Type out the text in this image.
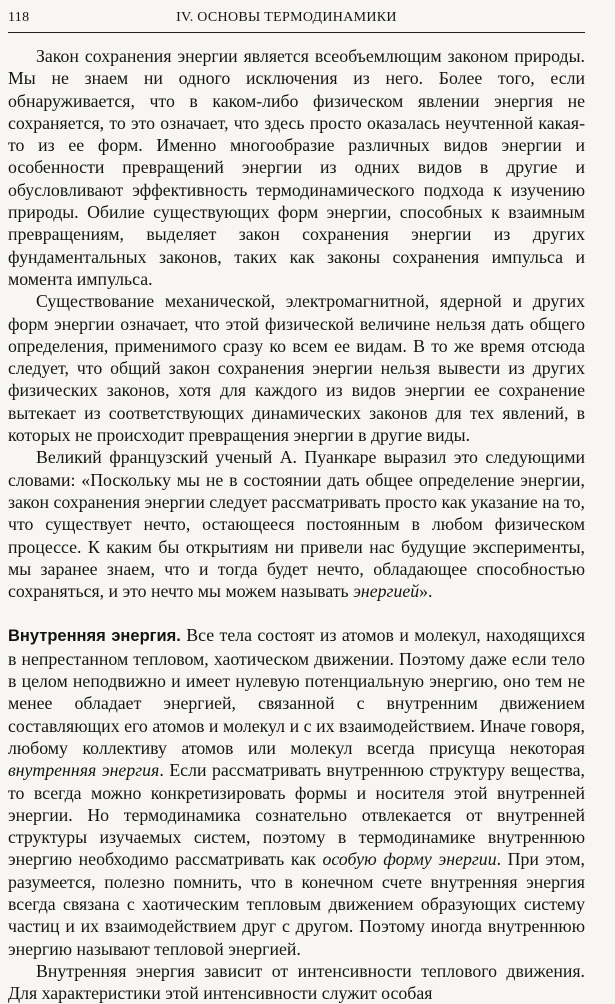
118	IV. ОСНОВЫ ТЕРМОДИНАМИКИ

Закон сохранения энергии является всеобъемлющим законом природы. Мы не знаем ни одного исключения из него. Более того, если обнаруживается, что в каком-либо физическом явлении энергия не сохраняется, то это означает, что здесь просто оказалась неучтенной какая-то из ее форм. Именно многообразие различных видов энергии и особенности превращений энергии из одних видов в другие и обусловливают эффективность термодинамического подхода к изучению природы. Обилие существующих форм энергии, способных к взаимным превращениям, выделяет закон сохранения энергии из других фундаментальных законов, таких как законы сохранения импульса и момента импульса.

Существование механической, электромагнитной, ядерной и других форм энергии означает, что этой физической величине нельзя дать общего определения, применимого сразу ко всем ее видам. В то же время отсюда следует, что общий закон сохранения энергии нельзя вывести из других физических законов, хотя для каждого из видов энергии ее сохранение вытекает из соответствующих динамических законов для тех явлений, в которых не происходит превращения энергии в другие виды.

Великий французский ученый А. Пуанкаре выразил это следующими словами: «Поскольку мы не в состоянии дать общее определение энергии, закон сохранения энергии следует рассматривать просто как указание на то, что существует нечто, остающееся постоянным в любом физическом процессе. К каким бы открытиям ни привели нас будущие эксперименты, мы заранее знаем, что и тогда будет нечто, обладающее способностью сохраняться, и это нечто мы можем называть энергией».

Внутренняя энергия. Все тела состоят из атомов и молекул, находящихся в непрестанном тепловом, хаотическом движении. Поэтому даже если тело в целом неподвижно и имеет нулевую потенциальную энергию, оно тем не менее обладает энергией, связанной с внутренним движением составляющих его атомов и молекул и с их взаимодействием. Иначе говоря, любому коллективу атомов или молекул всегда присуща некоторая внутренняя энергия. Если рассматривать внутреннюю структуру вещества, то всегда можно конкретизировать формы и носителя этой внутренней энергии. Но термодинамика сознательно отвлекается от внутренней структуры изучаемых систем, поэтому в термодинамике внутреннюю энергию необходимо рассматривать как особую форму энергии. При этом, разумеется, полезно помнить, что в конечном счете внутренняя энергия всегда связана с хаотическим тепловым движением образующих систему частиц и их взаимодействием друг с другом. Поэтому иногда внутреннюю энергию называют тепловой энергией.

Внутренняя энергия зависит от интенсивности теплового движения. Для характеристики этой интенсивности служит особая
